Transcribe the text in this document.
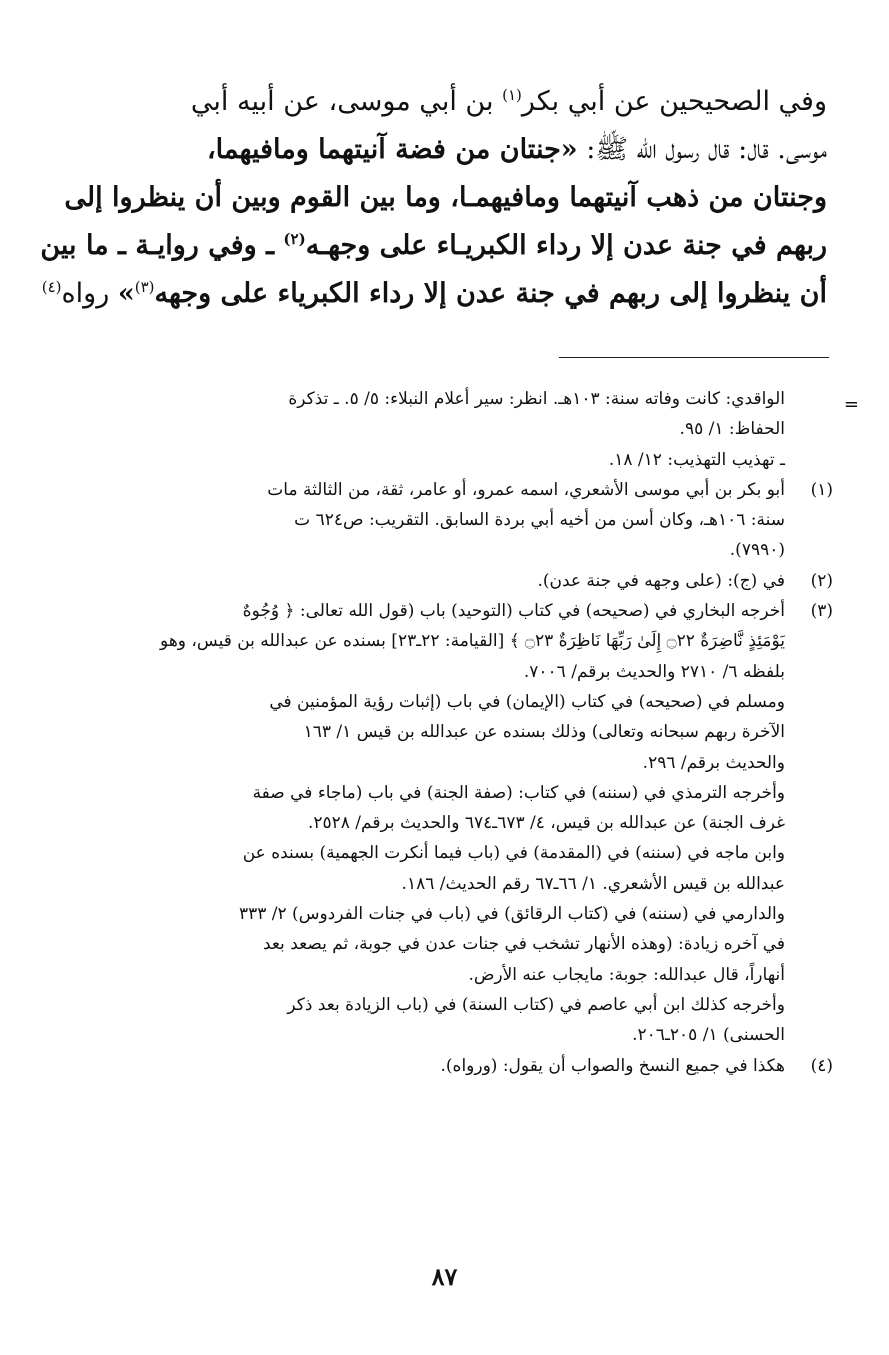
وفي الصحيحين عن أبي بكر$^{(١)}$ بن أبي موسى، عن أبيه أبي
موسى. قال: قال رسول الله ﷺ: «جنتان من فضة آنيتهما ومافيهما،
وجنتان من ذهب آنيتهما ومافيهمـا، وما بين القوم وبين أن ينظروا إلى
ربهم في جنة عدن إلا رداء الكبريـاء على وجهـه$^{(٢)}$ ـ وفي روايـة ـ ما بين
أن ينظروا إلى ربهم في جنة عدن إلا رداء الكبرياء على وجهه$^{(٣)}$» رواه$^{(٤)}$
=
الواقدي: كانت وفاته سنة: ١٠٣هـ. انظر: سير أعلام النبلاء: ٥/ ٥. ـ تذكرة
الحفاظ: ١/ ٩٥.
ـ تهذيب التهذيب: ١٢/ ١٨.
(١)
أبو بكر بن أبي موسى الأشعري، اسمه عمرو، أو عامر، ثقة، من الثالثة مات
سنة: ١٠٦هـ، وكان أسن من أخيه أبي بردة السابق. التقريب: ص٦٢٤ ت
(٧٩٩٠).
(٢)
في (ج): (على وجهه في جنة عدن).
(٣)
أخرجه البخاري في (صحيحه) في كتاب (التوحيد) باب (قول الله تعالى: ﴿ وُجُوهٌ
يَوْمَئِذٍ نَّاضِرَةٌ ۝٢٢ إِلَىٰ رَبِّهَا نَاظِرَةٌ ۝٢٣ ﴾ [القيامة: ٢٢ـ٢٣] بسنده عن عبدالله بن قيس، وهو
بلفظه ٦/ ٢٧١٠ والحديث برقم/ ٧٠٠٦.
ومسلم في (صحيحه) في كتاب (الإيمان) في باب (إثبات رؤية المؤمنين في
الآخرة ربهم سبحانه وتعالى) وذلك بسنده عن عبدالله بن قيس ١/ ١٦٣
والحديث برقم/ ٢٩٦.
وأخرجه الترمذي في (سننه) في كتاب: (صفة الجنة) في باب (ماجاء في صفة
غرف الجنة) عن عبدالله بن قيس، ٤/ ٦٧٣ـ٦٧٤ والحديث برقم/ ٢٥٢٨.
وابن ماجه في (سننه) في (المقدمة) في (باب فيما أنكرت الجهمية) بسنده عن
عبدالله بن قيس الأشعري. ١/ ٦٦ـ٦٧ رقم الحديث/ ١٨٦.
والدارمي في (سننه) في (كتاب الرقائق) في (باب في جنات الفردوس) ٢/ ٣٣٣
في آخره زيادة: (وهذه الأنهار تشخب في جنات عدن في جوبة، ثم يصعد بعد
أنهاراً، قال عبدالله: جوبة: مايجاب عنه الأرض.
وأخرجه كذلك ابن أبي عاصم في (كتاب السنة) في (باب الزيادة بعد ذكر
الحسنى) ١/ ٢٠٥ـ٢٠٦.
(٤)
هكذا في جميع النسخ والصواب أن يقول: (ورواه).
٨٧
